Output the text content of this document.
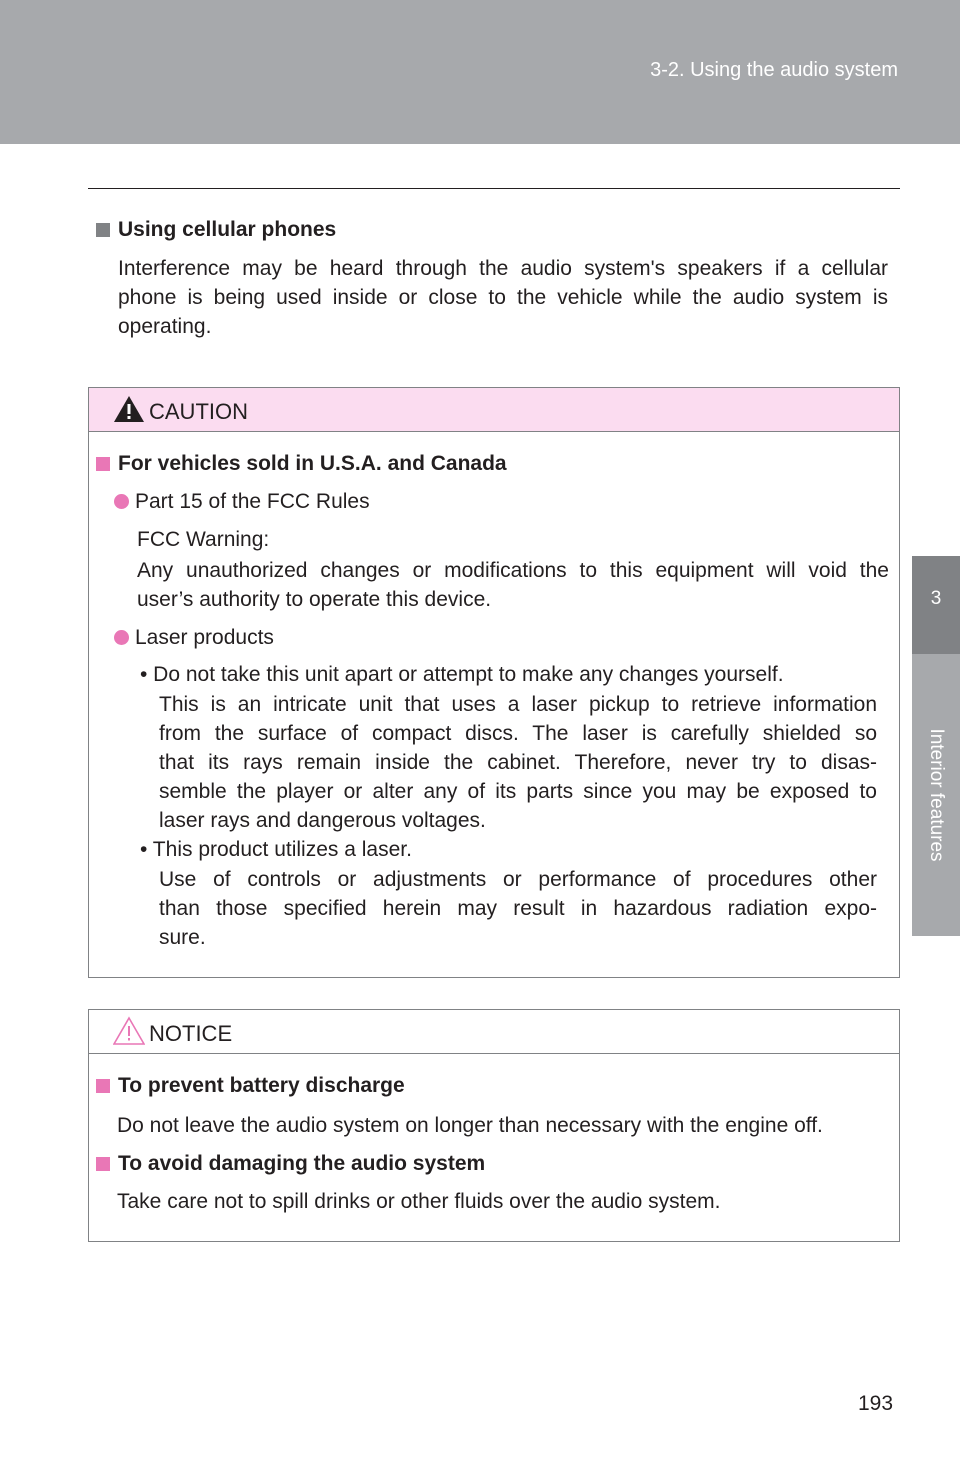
3-2. Using the audio system
3
Interior features
Using cellular phones
Interference may be heard through the audio system's speakers if a cellular
phone is being used inside or close to the vehicle while the audio system is
operating.
CAUTION
For vehicles sold in U.S.A. and Canada
Part 15 of the FCC Rules
FCC Warning:
Any unauthorized changes or modifications to this equipment will void the
user’s authority to operate this device.
Laser products
• Do not take this unit apart or attempt to make any changes yourself.
This is an intricate unit that uses a laser pickup to retrieve information
from the surface of compact discs. The laser is carefully shielded so
that its rays remain inside the cabinet. Therefore, never try to disas-
semble the player or alter any of its parts since you may be exposed to
laser rays and dangerous voltages.
• This product utilizes a laser.
Use of controls or adjustments or performance of procedures other
than those specified herein may result in hazardous radiation expo-
sure.
NOTICE
To prevent battery discharge
Do not leave the audio system on longer than necessary with the engine off.
To avoid damaging the audio system
Take care not to spill drinks or other fluids over the audio system.
193
